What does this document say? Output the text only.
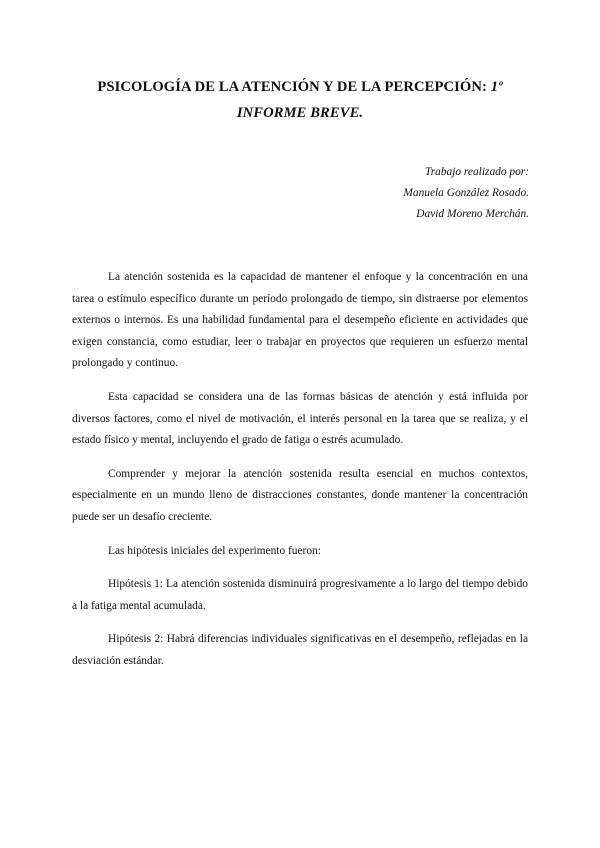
PSICOLOGÍA DE LA ATENCIÓN Y DE LA PERCEPCIÓN: 1º
INFORME BREVE.
Trabajo realizado por:
Manuela González Rosado.
David Moreno Merchán.

La atención sostenida es la capacidad de mantener el enfoque y la concentración en una tarea o estímulo específico durante un período prolongado de tiempo, sin distraerse por elementos externos o internos. Es una habilidad fundamental para el desempeño eficiente en actividades que exigen constancia, como estudiar, leer o trabajar en proyectos que requieren un esfuerzo mental prolongado y continuo.

Esta capacidad se considera una de las formas básicas de atención y está influida por diversos factores, como el nivel de motivación, el interés personal en la tarea que se realiza, y el estado físico y mental, incluyendo el grado de fatiga o estrés acumulado.

Comprender y mejorar la atención sostenida resulta esencial en muchos contextos, especialmente en un mundo lleno de distracciones constantes, donde mantener la concentración puede ser un desafío creciente.

Las hipótesis iniciales del experimento fueron:

Hipótesis 1: La atención sostenida disminuirá progresivamente a lo largo del tiempo debido a la fatiga mental acumulada.

Hipótesis 2: Habrá diferencias individuales significativas en el desempeño, reflejadas en la desviación estándar.
